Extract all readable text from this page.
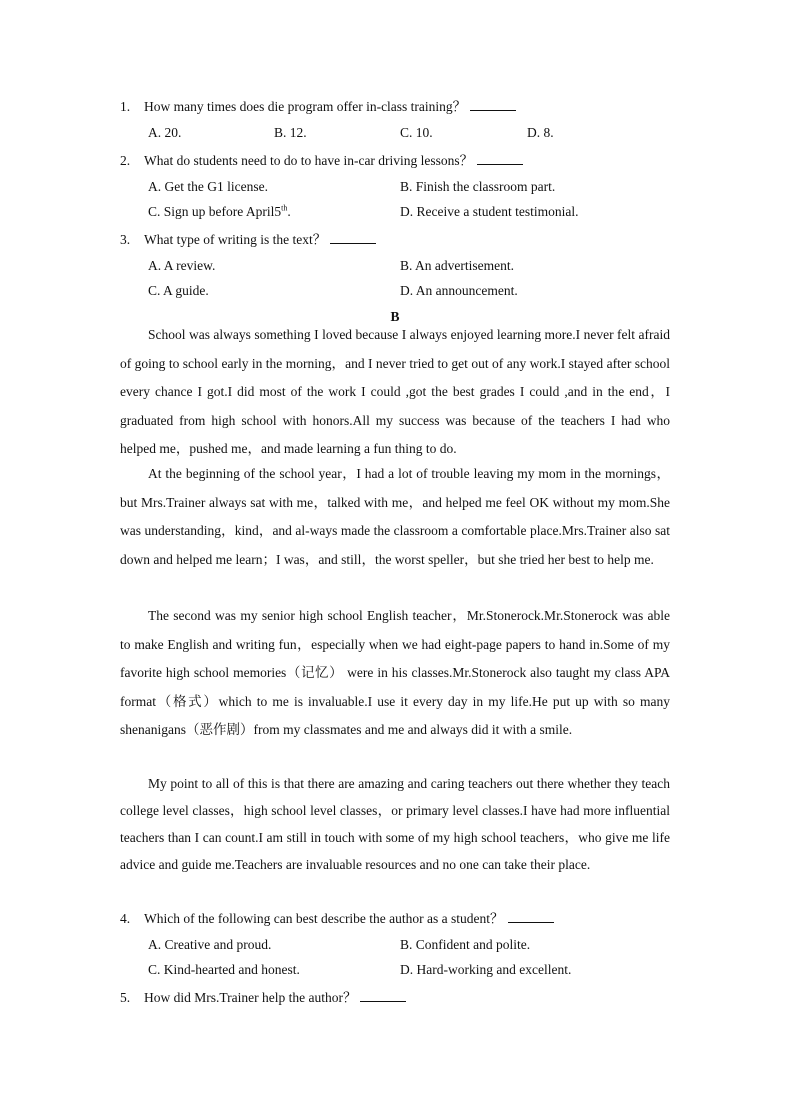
1. How many times does die program offer in-class training？
A. 20.	B. 12.	C. 10.	D. 8.
2. What do students need to do to have in-car driving lessons？
A. Get the G1 license.	B. Finish the classroom part.
C. Sign up before April5th.	D. Receive a student testimonial.
3. What type of writing is the text？
A. A review.	B. An advertisement.
C. A guide.	D. An announcement.
B
School was always something I loved because I always enjoyed learning more.I never felt afraid of going to school early in the morning，and I never tried to get out of any work.I stayed after school every chance I got.I did most of the work I could ,got the best grades I could ,and in the end，I graduated from high school with honors.All my success was because of the teachers I had who helped me，pushed me，and made learning a fun thing to do.
At the beginning of the school year，I had a lot of trouble leaving my mom in the mornings，but Mrs.Trainer always sat with me，talked with me，and helped me feel OK without my mom.She was understanding，kind，and al-ways made the classroom a comfortable place.Mrs.Trainer also sat down and helped me learn；I was，and still，the worst speller，but she tried her best to help me.
The second was my senior high school English teacher，Mr.Stonerock.Mr.Stonerock was able to make English and writing fun，especially when we had eight-page papers to hand in.Some of my favorite high school memories（记忆） were in his classes.Mr.Stonerock also taught my class APA format（格式）which to me is invaluable.I use it every day in my life.He put up with so many shenanigans（恶作剧）from my classmates and me and always did it with a smile.
My point to all of this is that there are amazing and caring teachers out there whether they teach college level classes，high school level classes，or primary level classes.I have had more influential teachers than I can count.I am still in touch with some of my high school teachers，who give me life advice and guide me.Teachers are invaluable resources and no one can take their place.
4. Which of the following can best describe the author as a student？
A. Creative and proud.	B. Confident and polite.
C. Kind-hearted and honest.	D. Hard-working and excellent.
5. How did Mrs.Trainer help the author？
